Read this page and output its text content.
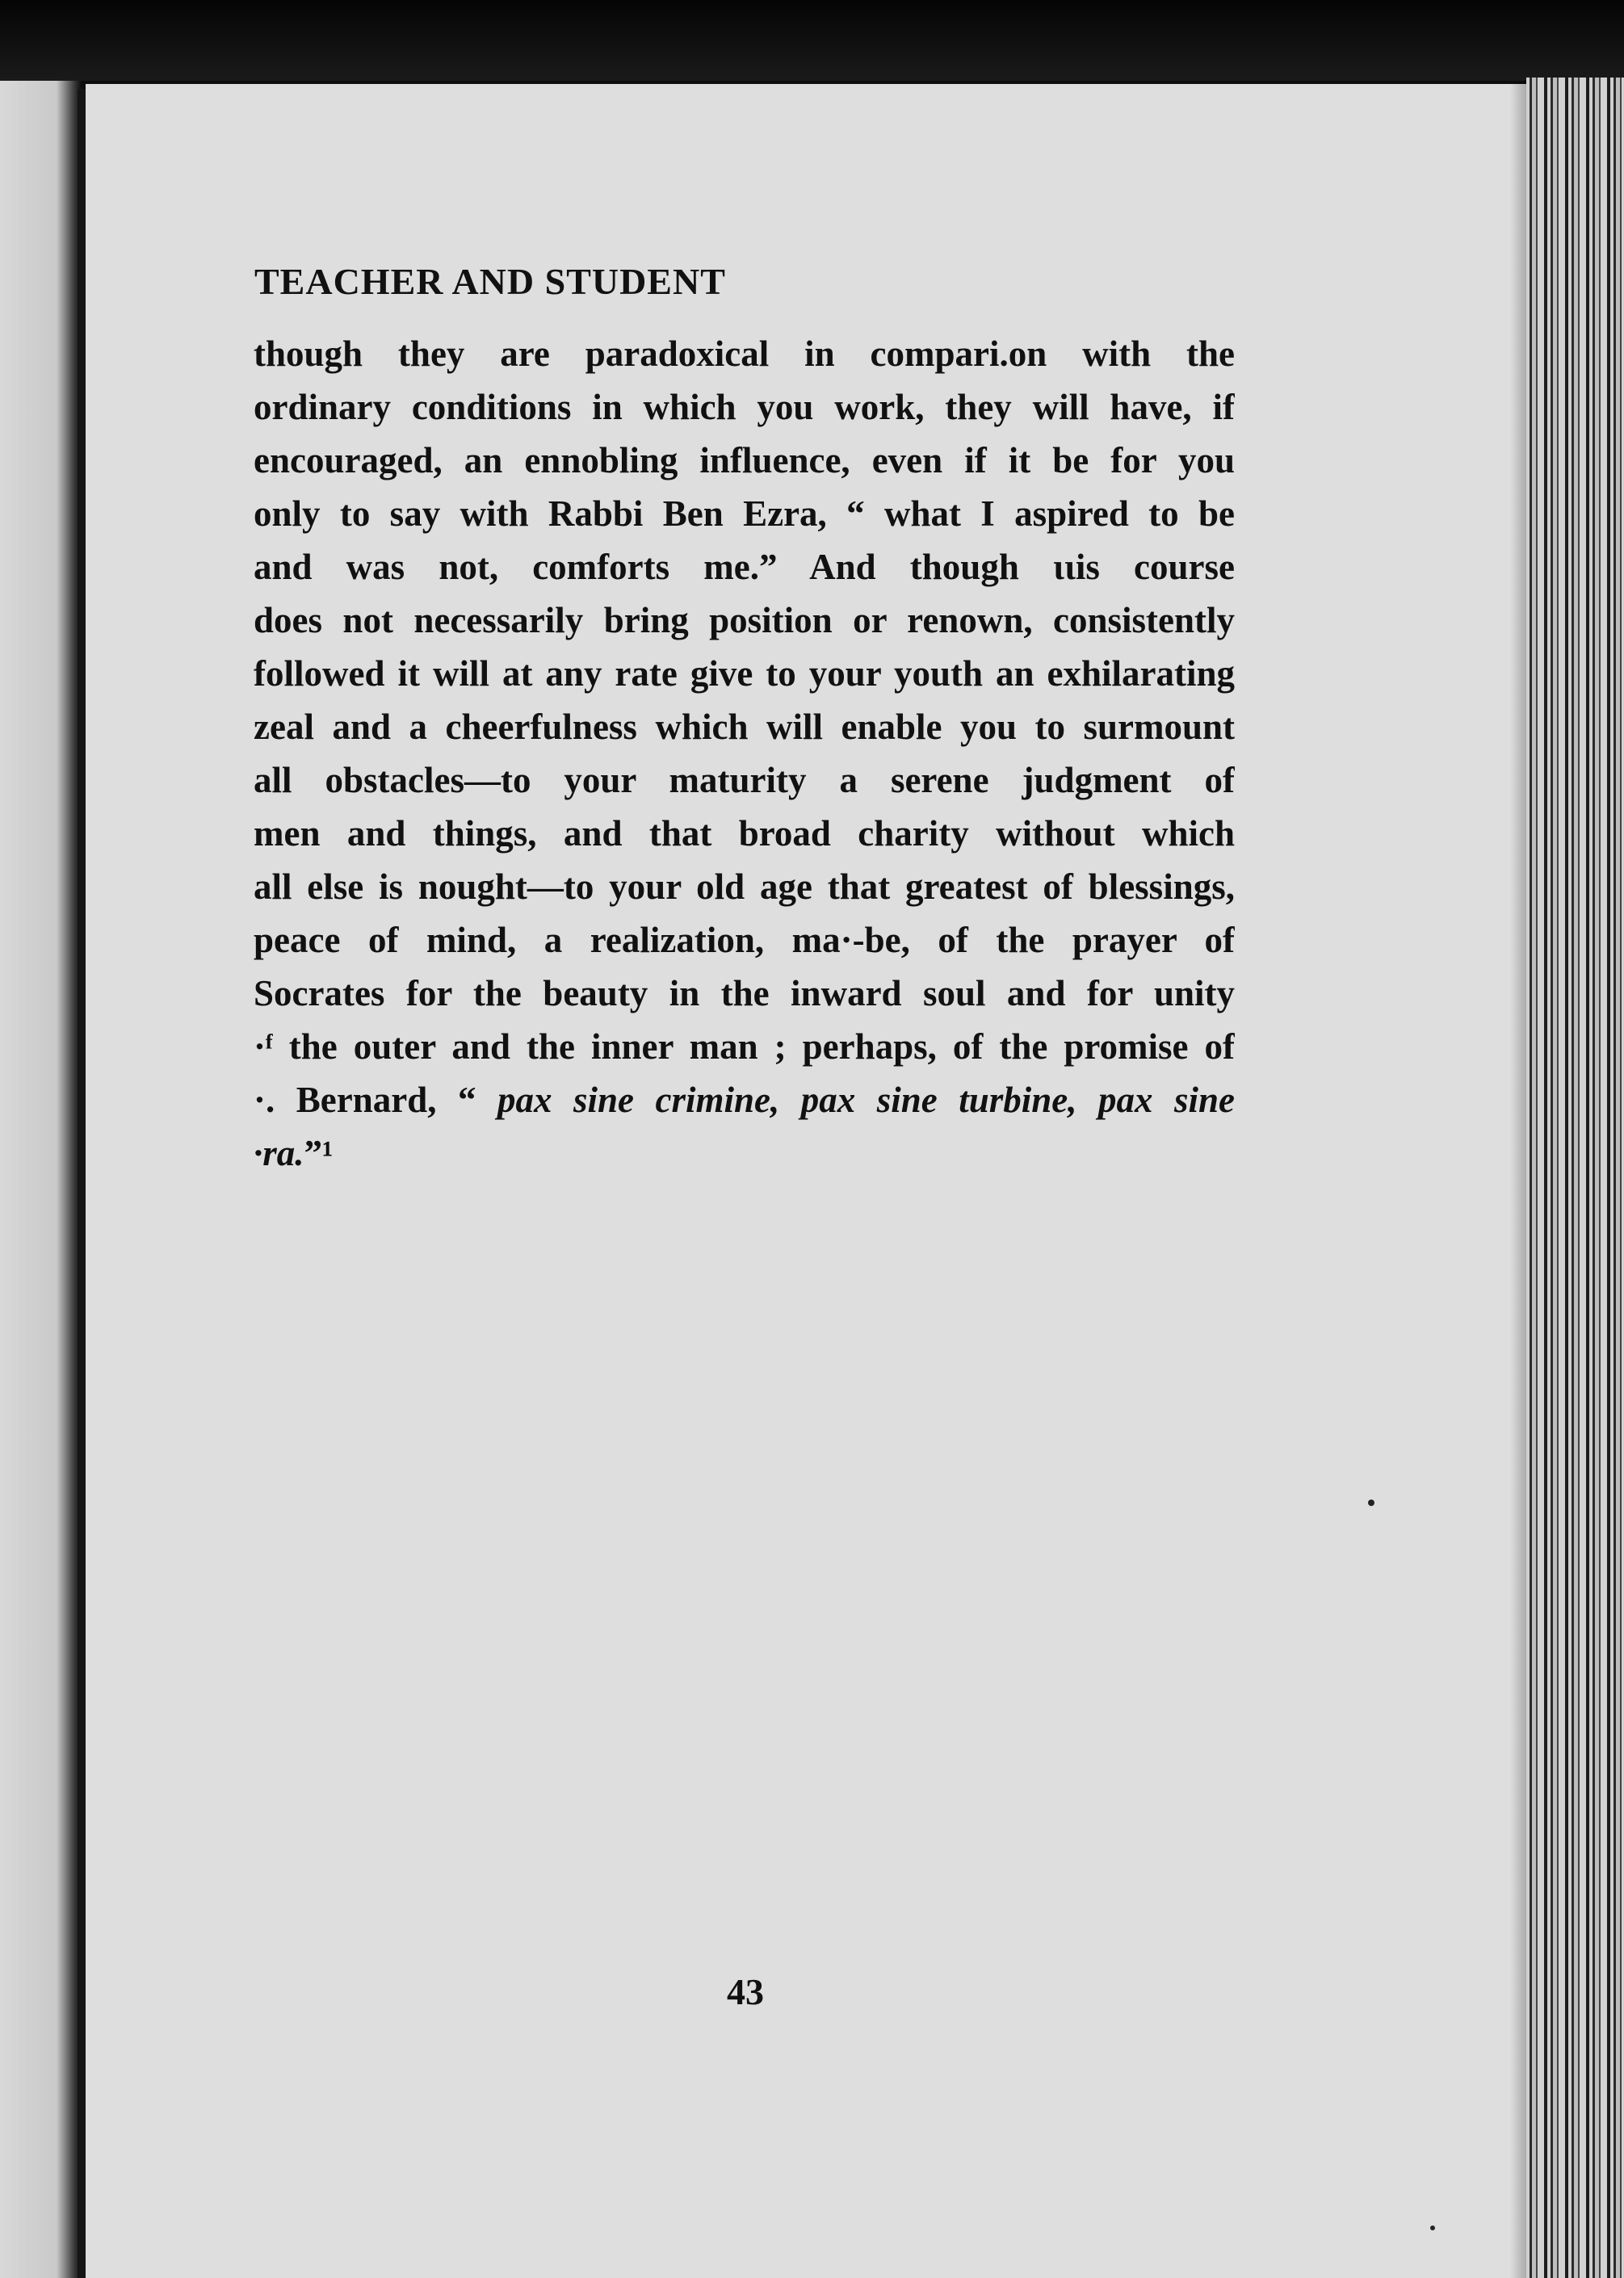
TEACHER AND STUDENT
though they are paradoxical in compari.on with the
ordinary conditions in which you work, they will have, if
encouraged, an ennobling influence, even if it be for you
only to say with Rabbi Ben Ezra, “ what I aspired to be
and was not, comforts me.” And though ιιis course
does not necessarily bring position or renown, consistently
followed it will at any rate give to your youth an exhilarating
zeal and a cheerfulness which will enable you to surmount
all obstacles—to your maturity a serene judgment of
men and things, and that broad charity without which
all else is nought—to your old age that greatest of blessings,
peace of mind, a realization, ma·-be, of the prayer of
Socrates for the beauty in the inward soul and for unity
·ᶠ the outer and the inner man ; perhaps, of the promise of
·. Bernard, “ pax sine crimine, pax sine turbine, pax sine
·ra.”¹

43
